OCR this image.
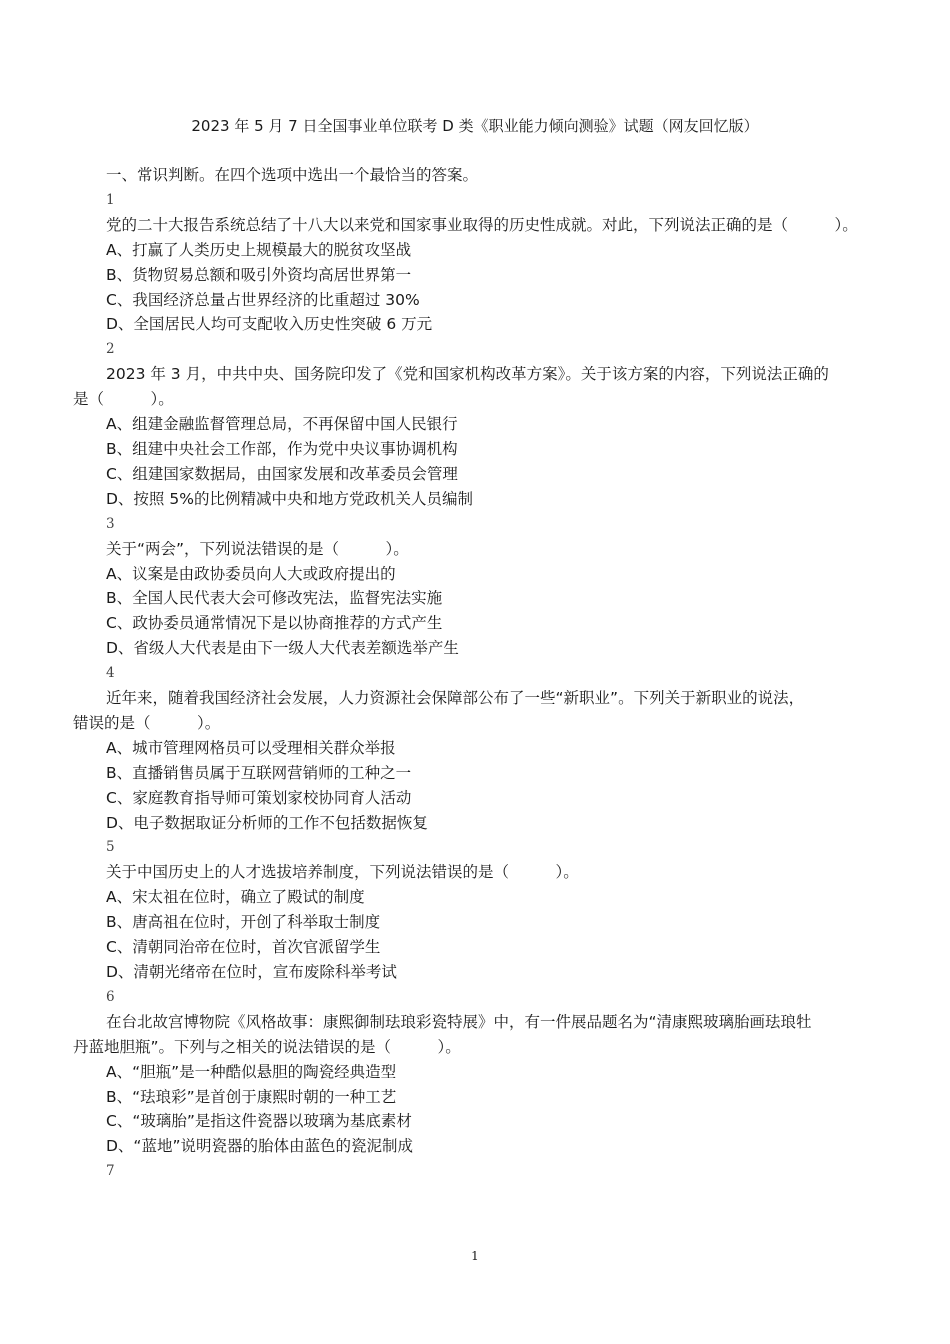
2023 年 5 月 7 日全国事业单位联考 D 类《职业能力倾向测验》试题（网友回忆版）
一、常识判断。在四个选项中选出一个最恰当的答案。
1
党的二十大报告系统总结了十八大以来党和国家事业取得的历史性成就。对此，下列说法正确的是（　　　）。
A、打赢了人类历史上规模最大的脱贫攻坚战
B、货物贸易总额和吸引外资均高居世界第一
C、我国经济总量占世界经济的比重超过 30%
D、全国居民人均可支配收入历史性突破 6 万元
2
2023 年 3 月，中共中央、国务院印发了《党和国家机构改革方案》。关于该方案的内容，下列说法正确的
是（　　　）。
A、组建金融监督管理总局，不再保留中国人民银行
B、组建中央社会工作部，作为党中央议事协调机构
C、组建国家数据局，由国家发展和改革委员会管理
D、按照 5%的比例精减中央和地方党政机关人员编制
3
关于“两会”，下列说法错误的是（　　　）。
A、议案是由政协委员向人大或政府提出的
B、全国人民代表大会可修改宪法，监督宪法实施
C、政协委员通常情况下是以协商推荐的方式产生
D、省级人大代表是由下一级人大代表差额选举产生
4
近年来，随着我国经济社会发展，人力资源社会保障部公布了一些“新职业”。下列关于新职业的说法，
错误的是（　　　）。
A、城市管理网格员可以受理相关群众举报
B、直播销售员属于互联网营销师的工种之一
C、家庭教育指导师可策划家校协同育人活动
D、电子数据取证分析师的工作不包括数据恢复
5
关于中国历史上的人才选拔培养制度，下列说法错误的是（　　　）。
A、宋太祖在位时，确立了殿试的制度
B、唐高祖在位时，开创了科举取士制度
C、清朝同治帝在位时，首次官派留学生
D、清朝光绪帝在位时，宣布废除科举考试
6
在台北故宫博物院《风格故事：康熙御制珐琅彩瓷特展》中，有一件展品题名为“清康熙玻璃胎画珐琅牡
丹蓝地胆瓶”。下列与之相关的说法错误的是（　　　）。
A、“胆瓶”是一种酷似悬胆的陶瓷经典造型
B、“珐琅彩”是首创于康熙时朝的一种工艺
C、“玻璃胎”是指这件瓷器以玻璃为基底素材
D、“蓝地”说明瓷器的胎体由蓝色的瓷泥制成
7
1
